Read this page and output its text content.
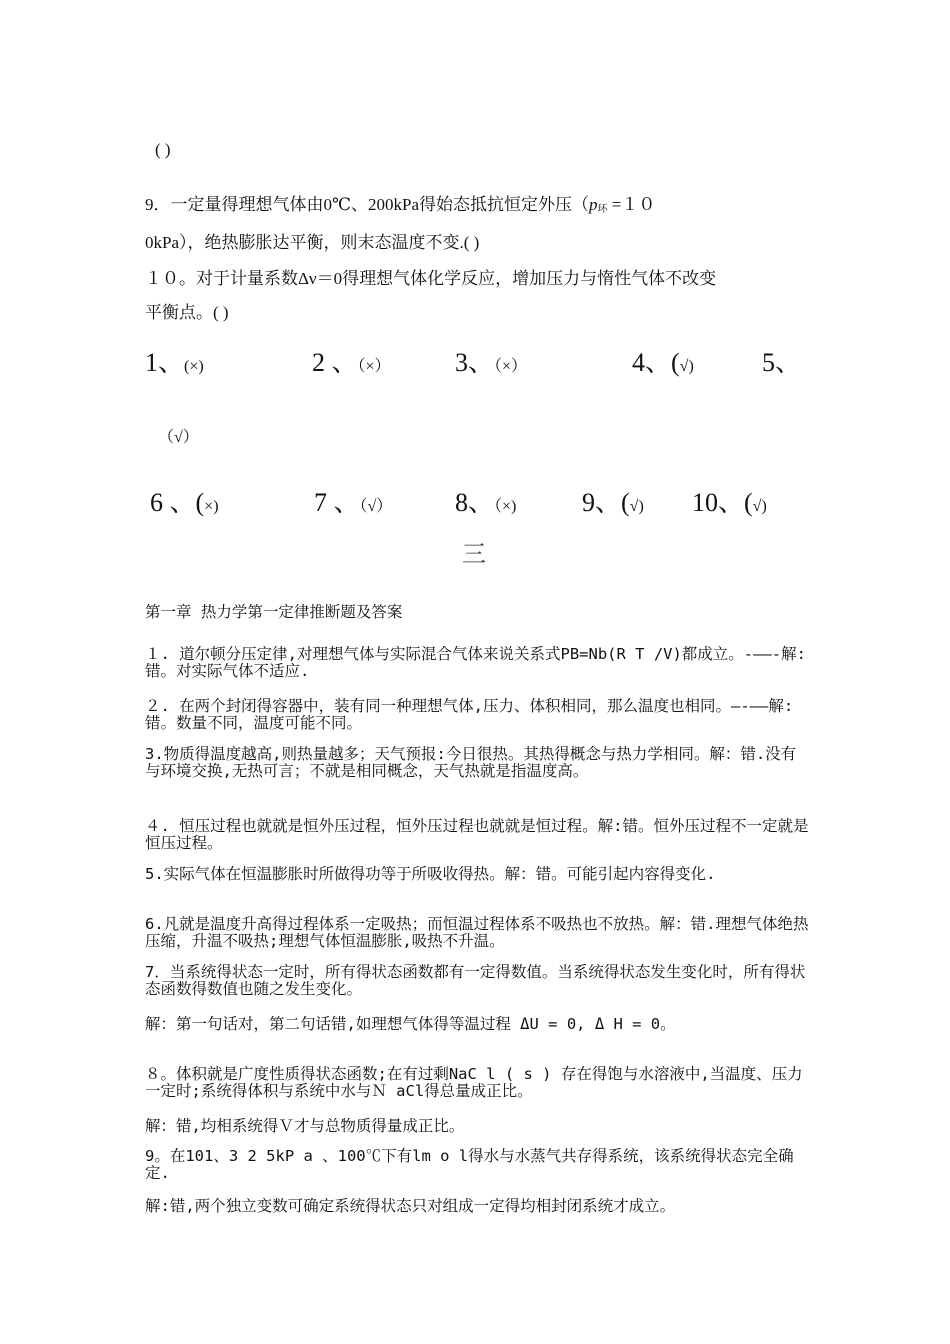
( )
9．一定量得理想气体由0℃、200kPa得始态抵抗恒定外压（$p_环 =10$
0kPa），绝热膨胀达平衡，则末态温度不变.( )
１０。对于计量系数Δν＝0得理想气体化学反应，增加压力与惰性气体不改变
平衡点。( )
1、(×)	2 、（×） 3、（×）	4、(√)	5、
（√）
6 、(×)	7 、（√） 8、（×)	9、(√) 10、(√)
三
第一章 热力学第一定律推断题及答案
１. 道尔顿分压定律,对理想气体与实际混合气体来说关系式PB=Nb(R T /V)都成立。-——-解:错。对实际气体不适应.
２. 在两个封闭得容器中，装有同一种理想气体,压力、体积相同，那么温度也相同。—-——解:错。数量不同，温度可能不同。
3.物质得温度越高,则热量越多；天气预报:今日很热。其热得概念与热力学相同。解：错.没有与环境交换,无热可言；不就是相同概念，天气热就是指温度高。
４. 恒压过程也就就是恒外压过程，恒外压过程也就就是恒过程。解:错。恒外压过程不一定就是恒压过程。
5.实际气体在恒温膨胀时所做得功等于所吸收得热。解：错。可能引起内容得变化.
6.凡就是温度升高得过程体系一定吸热；而恒温过程体系不吸热也不放热。解：错.理想气体绝热压缩，升温不吸热;理想气体恒温膨胀,吸热不升温。
7．当系统得状态一定时，所有得状态函数都有一定得数值。当系统得状态发生变化时，所有得状态函数得数值也随之发生变化。
解：第一句话对，第二句话错,如理想气体得等温过程 ΔU = 0, Δ H = 0。
８。体积就是广度性质得状态函数;在有过剩NaC l ( s ) 存在得饱与水溶液中,当温度、压力一定时;系统得体积与系统中水与Ｎ aCl得总量成正比。
解：错,均相系统得Ｖ才与总物质得量成正比。
9。在101、3 2 5kP a 、100℃下有lm o l得水与水蒸气共存得系统，该系统得状态完全确定.
解:错,两个独立变数可确定系统得状态只对组成一定得均相封闭系统才成立。
